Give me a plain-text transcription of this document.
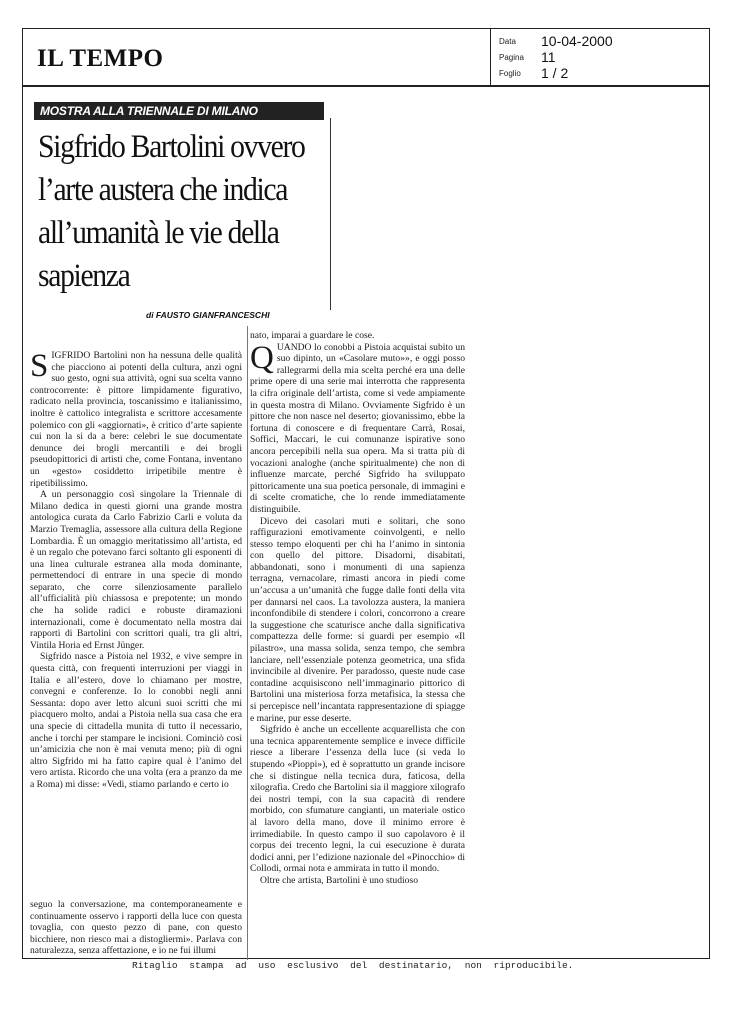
IL TEMPO
Data	10-04-2000
Pagina	11
Foglio	1 / 2
MOSTRA ALLA TRIENNALE DI MILANO
Sigfrido Bartolini ovvero l’arte austera che indica all’umanità le vie della sapienza
di FAUSTO GIANFRANCESCHI

SIGFRIDO Bartolini non ha nessuna delle qualità che piacciono ai potenti della cultura, anzi ogni suo gesto, ogni sua attività, ogni sua scelta vanno controcorrente: è pittore limpidamente figurativo, radicato nella provincia, toscanissimo e italianissimo, inoltre è cattolico integralista e scrittore accesamente polemico con gli «aggiornati», è critico d’arte sapiente cui non la si da a bere: celebri le sue documentate denunce dei brogli mercantili e dei brogli pseudopittorici di artisti che, come Fontana, inventano un «gesto» cosiddetto irripetibile mentre è ripetibilissimo.

A un personaggio così singolare la Triennale di Milano dedica in questi giorni una grande mostra antologica curata da Carlo Fabrizio Carli e voluta da Marzio Tremaglia, assessore alla cultura della Regione Lombardia. È un omaggio meritatissimo all’artista, ed è un regalo che potevano farci soltanto gli esponenti di una linea culturale estranea alla moda dominante, permettendoci di entrare in una specie di mondo separato, che corre silenziosamente parallelo all’ufficialità più chiassosa e prepotente; un mondo che ha solide radici e robuste diramazioni internazionali, come è documentato nella mostra dai rapporti di Bartolini con scrittori quali, tra gli altri, Vintila Horia ed Ernst Jünger.

Sigfrido nasce a Pistoia nel 1932, e vive sempre in questa città, con frequenti interruzioni per viaggi in Italia e all’estero, dove lo chiamano per mostre, convegni e conferenze. Io lo conobbi negli anni Sessanta: dopo aver letto alcuni suoi scritti che mi piacquero molto, andai a Pistoia nella sua casa che era una specie di cittadella munita di tutto il necessario, anche i torchi per stampare le incisioni. Cominciò così un’amicizia che non è mai venuta meno; più di ogni altro Sigfrido mi ha fatto capire qual è l’animo del vero artista. Ricordo che una volta (era a pranzo da me a Roma) mi disse: «Vedi, stiamo parlando e certo io

seguo la conversazione, ma contemporaneamente e continuamente osservo i rapporti della luce con questa tovaglia, con questo pezzo di pane, con questo bicchiere, non riesco mai a distogliermi». Parlava con naturalezza, senza affettazione, e io ne fui illumi

nato, imparai a guardare le cose.

QUANDO lo conobbi a Pistoia acquistai subito un suo dipinto, un «Casolare muto»», e oggi posso rallegrarmi della mia scelta perché era una delle prime opere di una serie mai interrotta che rappresenta la cifra originale dell’artista, come si vede ampiamente in questa mostra di Milano. Ovviamente Sigfrido è un pittore che non nasce nel deserto; giovanissimo, ebbe la fortuna di conoscere e di frequentare Carrà, Rosai, Soffici, Maccari, le cui comunanze ispirative sono ancora percepibili nella sua opera. Ma si tratta più di vocazioni analoghe (anche spiritualmente) che non di influenze marcate, perché Sigfrido ha sviluppato pittoricamente una sua poetica personale, di immagini e di scelte cromatiche, che lo rende immediatamente distinguibile.

Dicevo dei casolari muti e solitari, che sono raffigurazioni emotivamente coinvolgenti, e nello stesso tempo eloquenti per chi ha l’animo in sintonia con quello del pittore. Disadorni, disabitati, abbandonati, sono i monumenti di una sapienza terragna, vernacolare, rimasti ancora in piedi come un’accusa a un’umanità che fugge dalle fonti della vita per dannarsi nel caos. La tavolozza austera, la maniera inconfondibile di stendere i colori, concorrono a creare la suggestione che scaturisce anche dalla significativa compattezza delle forme: si guardi per esempio «Il pilastro», una massa solida, senza tempo, che sembra lanciare, nell’essenziale potenza geometrica, una sfida invincibile al divenire. Per paradosso, queste nude case contadine acquisiscono nell’immaginario pittorico di Bartolini una misteriosa forza metafisica, la stessa che si percepisce nell’incantata rappresentazione di spiagge e marine, pur esse deserte.

Sigfrido è anche un eccellente acquarellista che con una tecnica apparentemente semplice e invece difficile riesce a liberare l’essenza della luce (si veda lo stupendo «Pioppi»), ed è soprattutto un grande incisore che si distingue nella tecnica dura, faticosa, della xilografia. Credo che Bartolini sia il maggiore xilografo dei nostri tempi, con la sua capacità di rendere morbido, con sfumature cangianti, un materiale ostico al lavoro della mano, dove il minimo errore è irrimediabile. In questo campo il suo capolavoro è il corpus dei trecento legni, la cui esecuzione è durata dodici anni, per l’edizione nazionale del «Pinocchio» di Collodi, ormai nota e ammirata in tutto il mondo.

Oltre che artista, Bartolini è uno studioso

Ritaglio stampa ad uso esclusivo del destinatario, non riproducibile.
